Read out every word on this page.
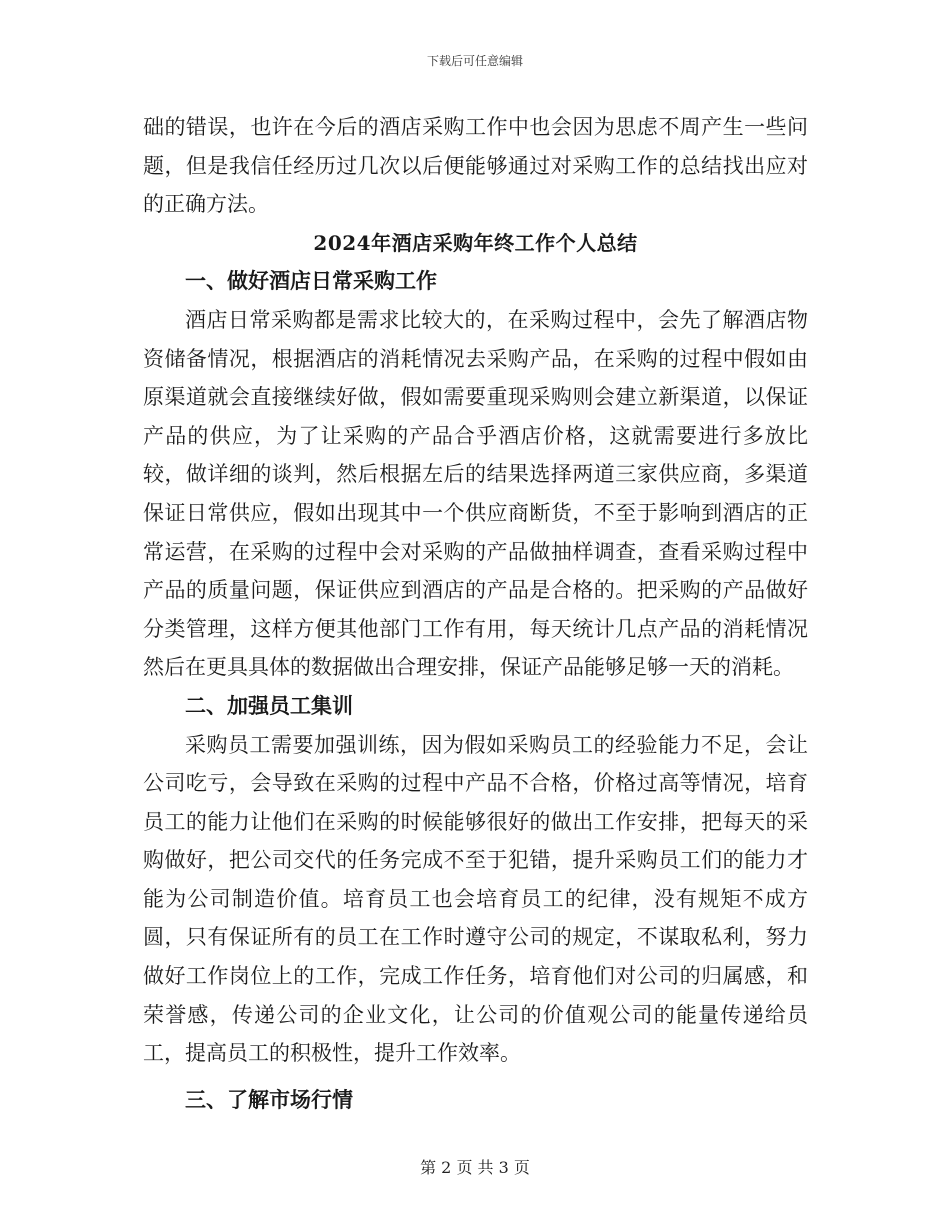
下载后可任意编辑

础的错误，也许在今后的酒店采购工作中也会因为思虑不周产生一些问题，但是我信任经历过几次以后便能够通过对采购工作的总结找出应对的正确方法。

2024年酒店采购年终工作个人总结

一、做好酒店日常采购工作

酒店日常采购都是需求比较大的，在采购过程中，会先了解酒店物资储备情况，根据酒店的消耗情况去采购产品，在采购的过程中假如由原渠道就会直接继续好做，假如需要重现采购则会建立新渠道，以保证产品的供应，为了让采购的产品合乎酒店价格，这就需要进行多放比较，做详细的谈判，然后根据左后的结果选择两道三家供应商，多渠道保证日常供应，假如出现其中一个供应商断货，不至于影响到酒店的正常运营，在采购的过程中会对采购的产品做抽样调查，查看采购过程中产品的质量问题，保证供应到酒店的产品是合格的。把采购的产品做好分类管理，这样方便其他部门工作有用，每天统计几点产品的消耗情况然后在更具具体的数据做出合理安排，保证产品能够足够一天的消耗。

二、加强员工集训

采购员工需要加强训练，因为假如采购员工的经验能力不足，会让公司吃亏，会导致在采购的过程中产品不合格，价格过高等情况，培育员工的能力让他们在采购的时候能够很好的做出工作安排，把每天的采购做好，把公司交代的任务完成不至于犯错，提升采购员工们的能力才能为公司制造价值。培育员工也会培育员工的纪律，没有规矩不成方圆，只有保证所有的员工在工作时遵守公司的规定，不谋取私利，努力做好工作岗位上的工作，完成工作任务，培育他们对公司的归属感，和荣誉感，传递公司的企业文化，让公司的价值观公司的能量传递给员工，提高员工的积极性，提升工作效率。

三、了解市场行情

第 2 页 共 3 页
